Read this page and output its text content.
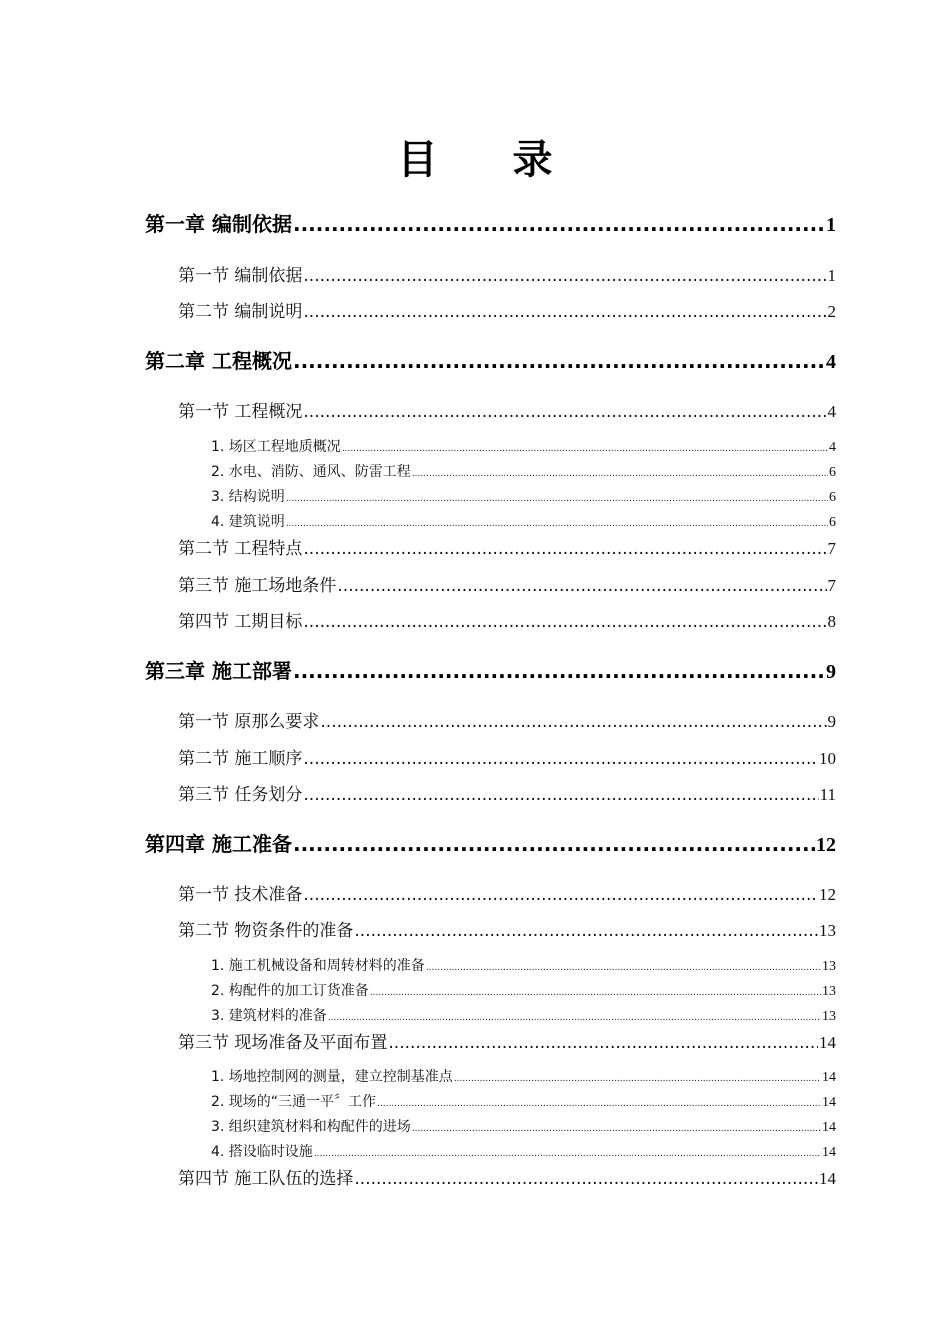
目 录
第一章 编制依据 .....	1
第一节 编制依据 .....	1
第二节 编制说明 .....	2
第二章 工程概况 .....	4
第一节 工程概况 .....	4
1. 场区工程地质概况 .....	4
2. 水电、消防、通风、防雷工程 .....	6
3. 结构说明 .....	6
4. 建筑说明 .....	6
第二节 工程特点 .....	7
第三节 施工场地条件 .....	7
第四节 工期目标 .....	8
第三章 施工部署 .....	9
第一节 原那么要求 .....	9
第二节 施工顺序 .....	10
第三节 任务划分 .....	11
第四章 施工准备 .....	12
第一节 技术准备 .....	12
第二节 物资条件的准备 .....	13
1. 施工机械设备和周转材料的准备 .....	13
2. 构配件的加工订货准备 .....	13
3. 建筑材料的准备 .....	13
第三节 现场准备及平面布置 .....	14
1. 场地控制网的测量，建立控制基准点 .....	14
2. 现场的“三通一平〞工作 .....	14
3. 组织建筑材料和构配件的进场 .....	14
4. 搭设临时设施 .....	14
第四节 施工队伍的选择 .....	14
